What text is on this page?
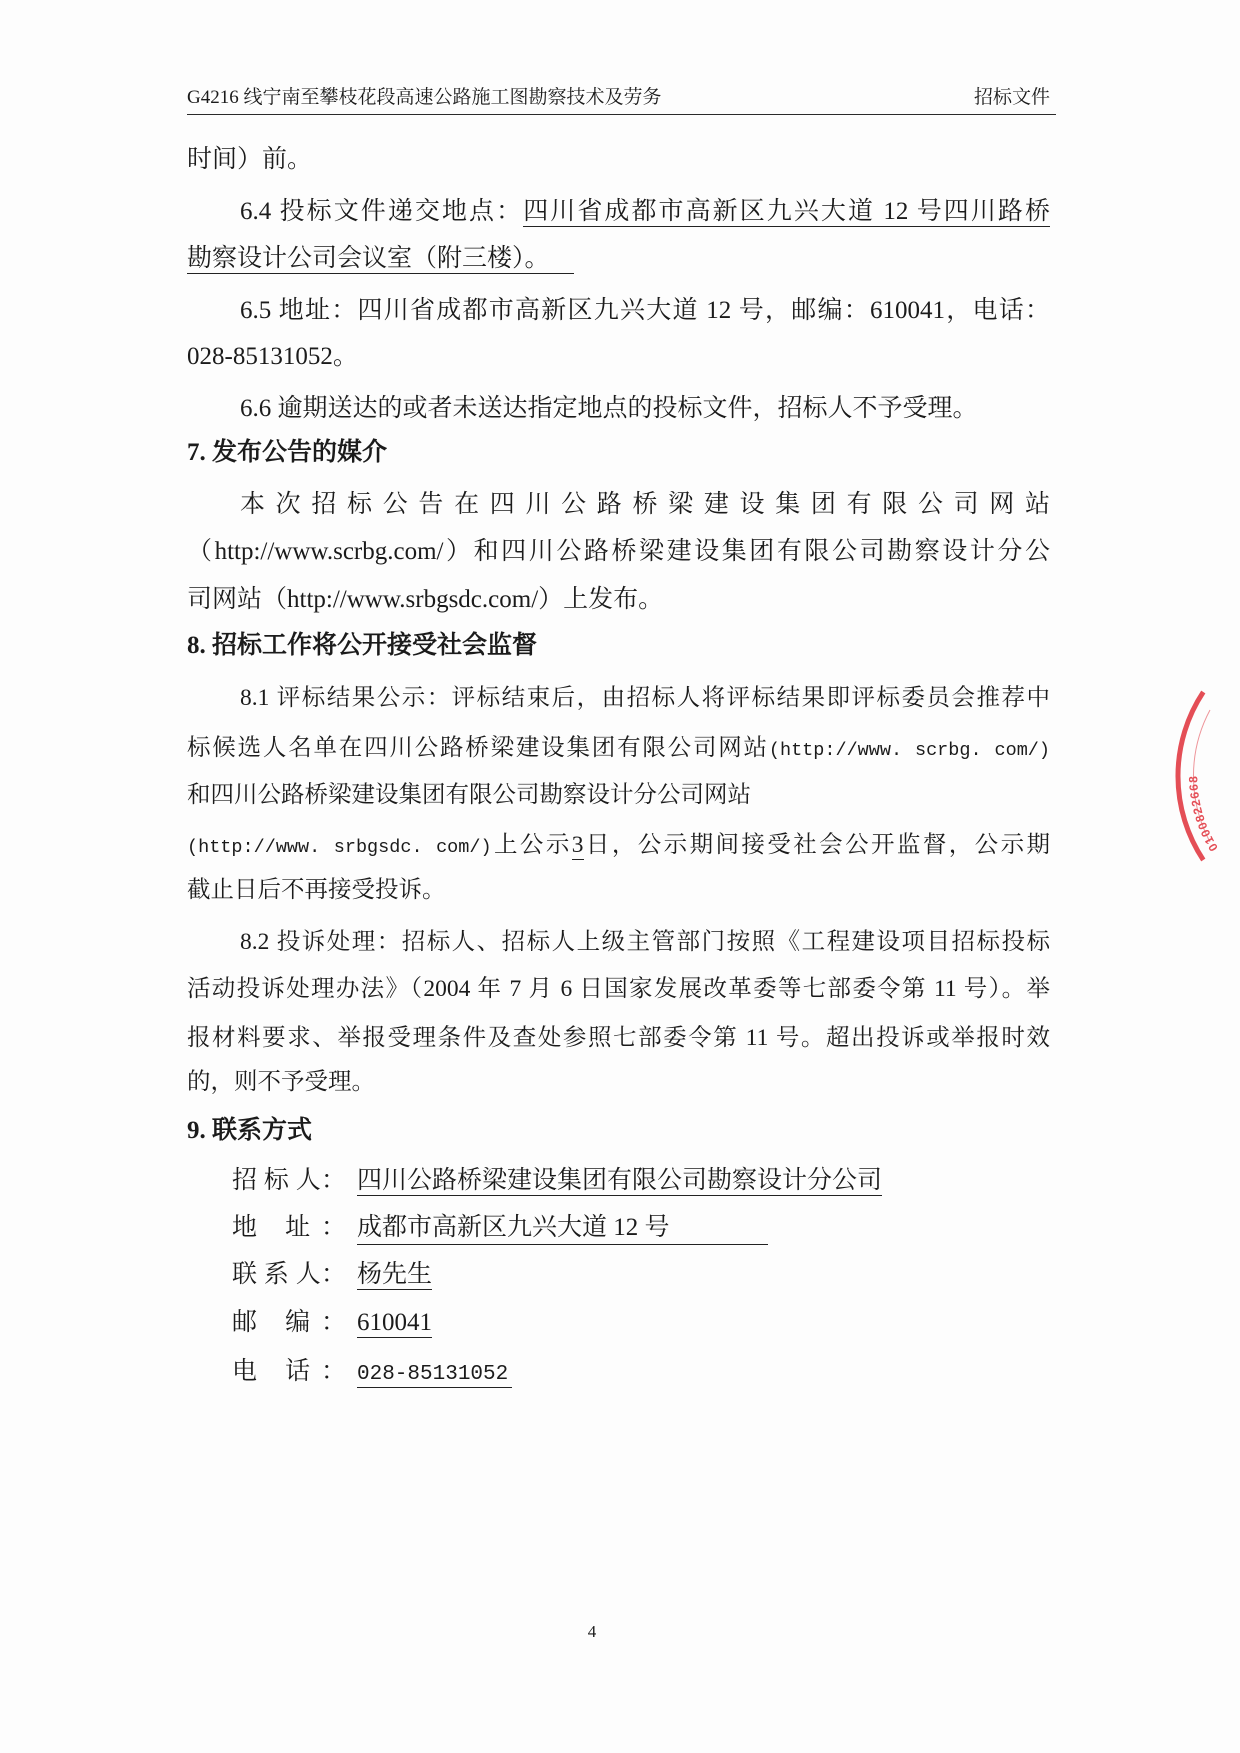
G4216 线宁南至攀枝花段高速公路施工图勘察技术及劳务	招标文件
时间）前。
6.4 投标文件递交地点：四川省成都市高新区九兴大道 12 号四川路桥
勘察设计公司会议室（附三楼）。
6.5 地址：四川省成都市高新区九兴大道 12 号，邮编：610041，电话：
028-85131052。
6.6 逾期送达的或者未送达指定地点的投标文件，招标人不予受理。
7. 发布公告的媒介
本次招标公告在四川公路桥梁建设集团有限公司网站
（http://www.scrbg.com/）和四川公路桥梁建设集团有限公司勘察设计分公
司网站（http://www.srbgsdc.com/）上发布。
8. 招标工作将公开接受社会监督
8.1 评标结果公示：评标结束后，由招标人将评标结果即评标委员会推荐中
标候选人名单在四川公路桥梁建设集团有限公司网站(http://www. scrbg. com/)
和四川公路桥梁建设集团有限公司勘察设计分公司网站
(http://www. srbgsdc. com/)上公示3日，公示期间接受社会公开监督，公示期
截止日后不再接受投诉。
8.2 投诉处理：招标人、招标人上级主管部门按照《工程建设项目招标投标
活动投诉处理办法》（2004 年 7 月 6 日国家发展改革委等七部委令第 11 号）。举
报材料要求、举报受理条件及查处参照七部委令第 11 号。超出投诉或举报时效
的，则不予受理。
9. 联系方式
招 标 人： 四川公路桥梁建设集团有限公司勘察设计分公司
地 址： 成都市高新区九兴大道 12 号
联 系 人： 杨先生
邮 编： 610041
电 话： 028-85131052
4
0100822668
